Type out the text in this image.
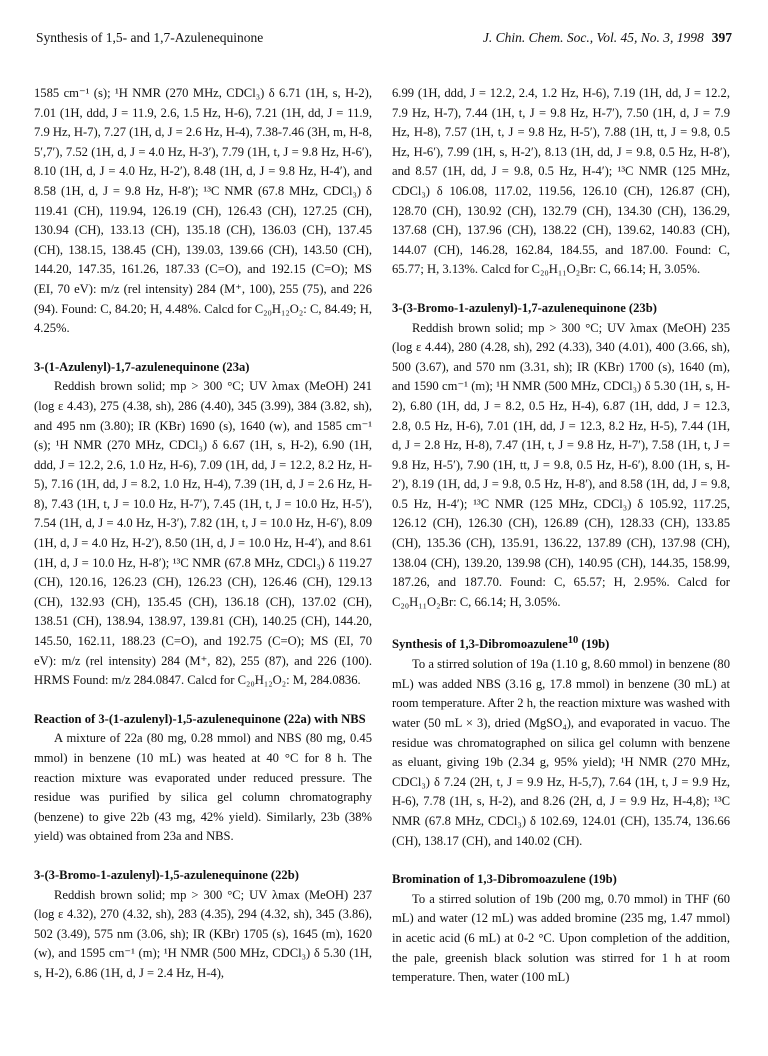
Synthesis of 1,5- and 1,7-Azulenequinone	J. Chin. Chem. Soc., Vol. 45, No. 3, 1998 397

1585 cm⁻¹ (s); ¹H NMR (270 MHz, CDCl₃) δ 6.71 (1H, s, H-2), 7.01 (1H, ddd, J = 11.9, 2.6, 1.5 Hz, H-6), 7.21 (1H, dd, J = 11.9, 7.9 Hz, H-7), 7.27 (1H, d, J = 2.6 Hz, H-4), 7.38-7.46 (3H, m, H-8, 5′,7′), 7.52 (1H, d, J = 4.0 Hz, H-3′), 7.79 (1H, t, J = 9.8 Hz, H-6′), 8.10 (1H, d, J = 4.0 Hz, H-2′), 8.48 (1H, d, J = 9.8 Hz, H-4′), and 8.58 (1H, d, J = 9.8 Hz, H-8′); ¹³C NMR (67.8 MHz, CDCl₃) δ 119.41 (CH), 119.94, 126.19 (CH), 126.43 (CH), 127.25 (CH), 130.94 (CH), 133.13 (CH), 135.18 (CH), 136.03 (CH), 137.45 (CH), 138.15, 138.45 (CH), 139.03, 139.66 (CH), 143.50 (CH), 144.20, 147.35, 161.26, 187.33 (C=O), and 192.15 (C=O); MS (EI, 70 eV): m/z (rel intensity) 284 (M⁺, 100), 255 (75), and 226 (94). Found: C, 84.20; H, 4.48%. Calcd for C₂₀H₁₂O₂: C, 84.49; H, 4.25%.

3-(1-Azulenyl)-1,7-azulenequinone (23a)

Reddish brown solid; mp > 300 °C; UV λmax (MeOH) 241 (log ε 4.43), 275 (4.38, sh), 286 (4.40), 345 (3.99), 384 (3.82, sh), and 495 nm (3.80); IR (KBr) 1690 (s), 1640 (w), and 1585 cm⁻¹ (s); ¹H NMR (270 MHz, CDCl₃) δ 6.67 (1H, s, H-2), 6.90 (1H, ddd, J = 12.2, 2.6, 1.0 Hz, H-6), 7.09 (1H, dd, J = 12.2, 8.2 Hz, H-5), 7.16 (1H, dd, J = 8.2, 1.0 Hz, H-4), 7.39 (1H, d, J = 2.6 Hz, H-8), 7.43 (1H, t, J = 10.0 Hz, H-7′), 7.45 (1H, t, J = 10.0 Hz, H-5′), 7.54 (1H, d, J = 4.0 Hz, H-3′), 7.82 (1H, t, J = 10.0 Hz, H-6′), 8.09 (1H, d, J = 4.0 Hz, H-2′), 8.50 (1H, d, J = 10.0 Hz, H-4′), and 8.61 (1H, d, J = 10.0 Hz, H-8′); ¹³C NMR (67.8 MHz, CDCl₃) δ 119.27 (CH), 120.16, 126.23 (CH), 126.23 (CH), 126.46 (CH), 129.13 (CH), 132.93 (CH), 135.45 (CH), 136.18 (CH), 137.02 (CH), 138.51 (CH), 138.94, 138.97, 139.81 (CH), 140.25 (CH), 144.20, 145.50, 162.11, 188.23 (C=O), and 192.75 (C=O); MS (EI, 70 eV): m/z (rel intensity) 284 (M⁺, 82), 255 (87), and 226 (100). HRMS Found: m/z 284.0847. Calcd for C₂₀H₁₂O₂: M, 284.0836.

Reaction of 3-(1-azulenyl)-1,5-azulenequinone (22a) with NBS

A mixture of 22a (80 mg, 0.28 mmol) and NBS (80 mg, 0.45 mmol) in benzene (10 mL) was heated at 40 °C for 8 h. The reaction mixture was evaporated under reduced pressure. The residue was purified by silica gel column chromatography (benzene) to give 22b (43 mg, 42% yield). Similarly, 23b (38% yield) was obtained from 23a and NBS.

3-(3-Bromo-1-azulenyl)-1,5-azulenequinone (22b)

Reddish brown solid; mp > 300 °C; UV λmax (MeOH) 237 (log ε 4.32), 270 (4.32, sh), 283 (4.35), 294 (4.32, sh), 345 (3.86), 502 (3.49), 575 nm (3.06, sh); IR (KBr) 1705 (s), 1645 (m), 1620 (w), and 1595 cm⁻¹ (m); ¹H NMR (500 MHz, CDCl₃) δ 5.30 (1H, s, H-2), 6.86 (1H, d, J = 2.4 Hz, H-4),

6.99 (1H, ddd, J = 12.2, 2.4, 1.2 Hz, H-6), 7.19 (1H, dd, J = 12.2, 7.9 Hz, H-7), 7.44 (1H, t, J = 9.8 Hz, H-7′), 7.50 (1H, d, J = 7.9 Hz, H-8), 7.57 (1H, t, J = 9.8 Hz, H-5′), 7.88 (1H, tt, J = 9.8, 0.5 Hz, H-6′), 7.99 (1H, s, H-2′), 8.13 (1H, dd, J = 9.8, 0.5 Hz, H-8′), and 8.57 (1H, dd, J = 9.8, 0.5 Hz, H-4′); ¹³C NMR (125 MHz, CDCl₃) δ 106.08, 117.02, 119.56, 126.10 (CH), 126.87 (CH), 128.70 (CH), 130.92 (CH), 132.79 (CH), 134.30 (CH), 136.29, 137.68 (CH), 137.96 (CH), 138.22 (CH), 139.62, 140.83 (CH), 144.07 (CH), 146.28, 162.84, 184.55, and 187.00. Found: C, 65.77; H, 3.13%. Calcd for C₂₀H₁₁O₂Br: C, 66.14; H, 3.05%.

3-(3-Bromo-1-azulenyl)-1,7-azulenequinone (23b)

Reddish brown solid; mp > 300 °C; UV λmax (MeOH) 235 (log ε 4.44), 280 (4.28, sh), 292 (4.33), 340 (4.01), 400 (3.66, sh), 500 (3.67), and 570 nm (3.31, sh); IR (KBr) 1700 (s), 1640 (m), and 1590 cm⁻¹ (m); ¹H NMR (500 MHz, CDCl₃) δ 5.30 (1H, s, H-2), 6.80 (1H, dd, J = 8.2, 0.5 Hz, H-4), 6.87 (1H, ddd, J = 12.3, 2.8, 0.5 Hz, H-6), 7.01 (1H, dd, J = 12.3, 8.2 Hz, H-5), 7.44 (1H, d, J = 2.8 Hz, H-8), 7.47 (1H, t, J = 9.8 Hz, H-7′), 7.58 (1H, t, J = 9.8 Hz, H-5′), 7.90 (1H, tt, J = 9.8, 0.5 Hz, H-6′), 8.00 (1H, s, H-2′), 8.19 (1H, dd, J = 9.8, 0.5 Hz, H-8′), and 8.58 (1H, dd, J = 9.8, 0.5 Hz, H-4′); ¹³C NMR (125 MHz, CDCl₃) δ 105.92, 117.25, 126.12 (CH), 126.30 (CH), 126.89 (CH), 128.33 (CH), 133.85 (CH), 135.36 (CH), 135.91, 136.22, 137.89 (CH), 137.98 (CH), 138.04 (CH), 139.20, 139.98 (CH), 140.95 (CH), 144.35, 158.99, 187.26, and 187.70. Found: C, 65.57; H, 2.95%. Calcd for C₂₀H₁₁O₂Br: C, 66.14; H, 3.05%.

Synthesis of 1,3-Dibromoazulene$^{10}$ (19b)

To a stirred solution of 19a (1.10 g, 8.60 mmol) in benzene (80 mL) was added NBS (3.16 g, 17.8 mmol) in benzene (30 mL) at room temperature. After 2 h, the reaction mixture was washed with water (50 mL × 3), dried (MgSO₄), and evaporated in vacuo. The residue was chromatographed on silica gel column with benzene as eluant, giving 19b (2.34 g, 95% yield); ¹H NMR (270 MHz, CDCl₃) δ 7.24 (2H, t, J = 9.9 Hz, H-5,7), 7.64 (1H, t, J = 9.9 Hz, H-6), 7.78 (1H, s, H-2), and 8.26 (2H, d, J = 9.9 Hz, H-4,8); ¹³C NMR (67.8 MHz, CDCl₃) δ 102.69, 124.01 (CH), 135.74, 136.66 (CH), 138.17 (CH), and 140.02 (CH).

Bromination of 1,3-Dibromoazulene (19b)

To a stirred solution of 19b (200 mg, 0.70 mmol) in THF (60 mL) and water (12 mL) was added bromine (235 mg, 1.47 mmol) in acetic acid (6 mL) at 0-2 °C. Upon completion of the addition, the pale, greenish black solution was stirred for 1 h at room temperature. Then, water (100 mL)
